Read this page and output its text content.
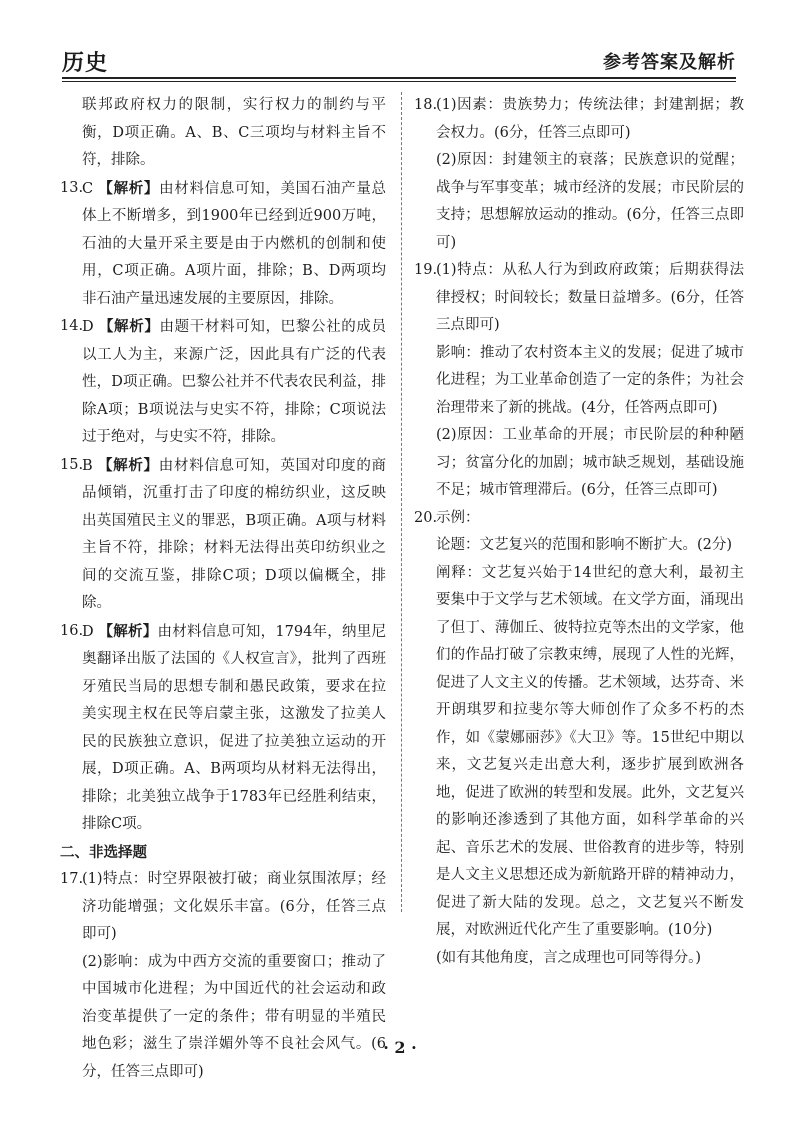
历史	参考答案及解析

联邦政府权力的限制，实行权力的制约与平衡，D项正确。A、B、C三项均与材料主旨不符，排除。

13.
C 【解析】由材料信息可知，美国石油产量总体上不断增多，到1900年已经到近900万吨，石油的大量开采主要是由于内燃机的创制和使用，C项正确。A项片面，排除；B、D两项均非石油产量迅速发展的主要原因，排除。
14.
D 【解析】由题干材料可知，巴黎公社的成员以工人为主，来源广泛，因此具有广泛的代表性，D项正确。巴黎公社并不代表农民利益，排除A项；B项说法与史实不符，排除；C项说法过于绝对，与史实不符，排除。
15.
B 【解析】由材料信息可知，英国对印度的商品倾销，沉重打击了印度的棉纺织业，这反映出英国殖民主义的罪恶，B项正确。A项与材料主旨不符，排除；材料无法得出英印纺织业之间的交流互鉴，排除C项；D项以偏概全，排除。
16.
D 【解析】由材料信息可知，1794年，纳里尼奥翻译出版了法国的《人权宣言》，批判了西班牙殖民当局的思想专制和愚民政策，要求在拉美实现主权在民等启蒙主张，这激发了拉美人民的民族独立意识，促进了拉美独立运动的开展，D项正确。A、B两项均从材料无法得出，排除；北美独立战争于1783年已经胜利结束，排除C项。

二、非选择题

17.
(1)特点：时空界限被打破；商业氛围浓厚；经济功能增强；文化娱乐丰富。(6分，任答三点即可)
(2)影响：成为中西方交流的重要窗口；推动了中国城市化进程；为中国近代的社会运动和政治变革提供了一定的条件；带有明显的半殖民地色彩；滋生了崇洋媚外等不良社会风气。(6分，任答三点即可)
18.
(1)因素：贵族势力；传统法律；封建割据；教会权力。(6分，任答三点即可)
(2)原因：封建领主的衰落；民族意识的觉醒；战争与军事变革；城市经济的发展；市民阶层的支持；思想解放运动的推动。(6分，任答三点即可)
19.
(1)特点：从私人行为到政府政策；后期获得法律授权；时间较长；数量日益增多。(6分，任答三点即可)
影响：推动了农村资本主义的发展；促进了城市化进程；为工业革命创造了一定的条件；为社会治理带来了新的挑战。(4分，任答两点即可)
(2)原因：工业革命的开展；市民阶层的种种陋习；贫富分化的加剧；城市缺乏规划，基础设施不足；城市管理滞后。(6分，任答三点即可)
20.
示例：
论题：文艺复兴的范围和影响不断扩大。(2分)
阐释：文艺复兴始于14世纪的意大利，最初主要集中于文学与艺术领域。在文学方面，涌现出了但丁、薄伽丘、彼特拉克等杰出的文学家，他们的作品打破了宗教束缚，展现了人性的光辉，促进了人文主义的传播。艺术领域，达芬奇、米开朗琪罗和拉斐尔等大师创作了众多不朽的杰作，如《蒙娜丽莎》《大卫》等。15世纪中期以来，文艺复兴走出意大利，逐步扩展到欧洲各地，促进了欧洲的转型和发展。此外，文艺复兴的影响还渗透到了其他方面，如科学革命的兴起、音乐艺术的发展、世俗教育的进步等，特别是人文主义思想还成为新航路开辟的精神动力，促进了新大陆的发现。总之，文艺复兴不断发展，对欧洲近代化产生了重要影响。(10分)
(如有其他角度，言之成理也可同等得分。)
· 2 ·
